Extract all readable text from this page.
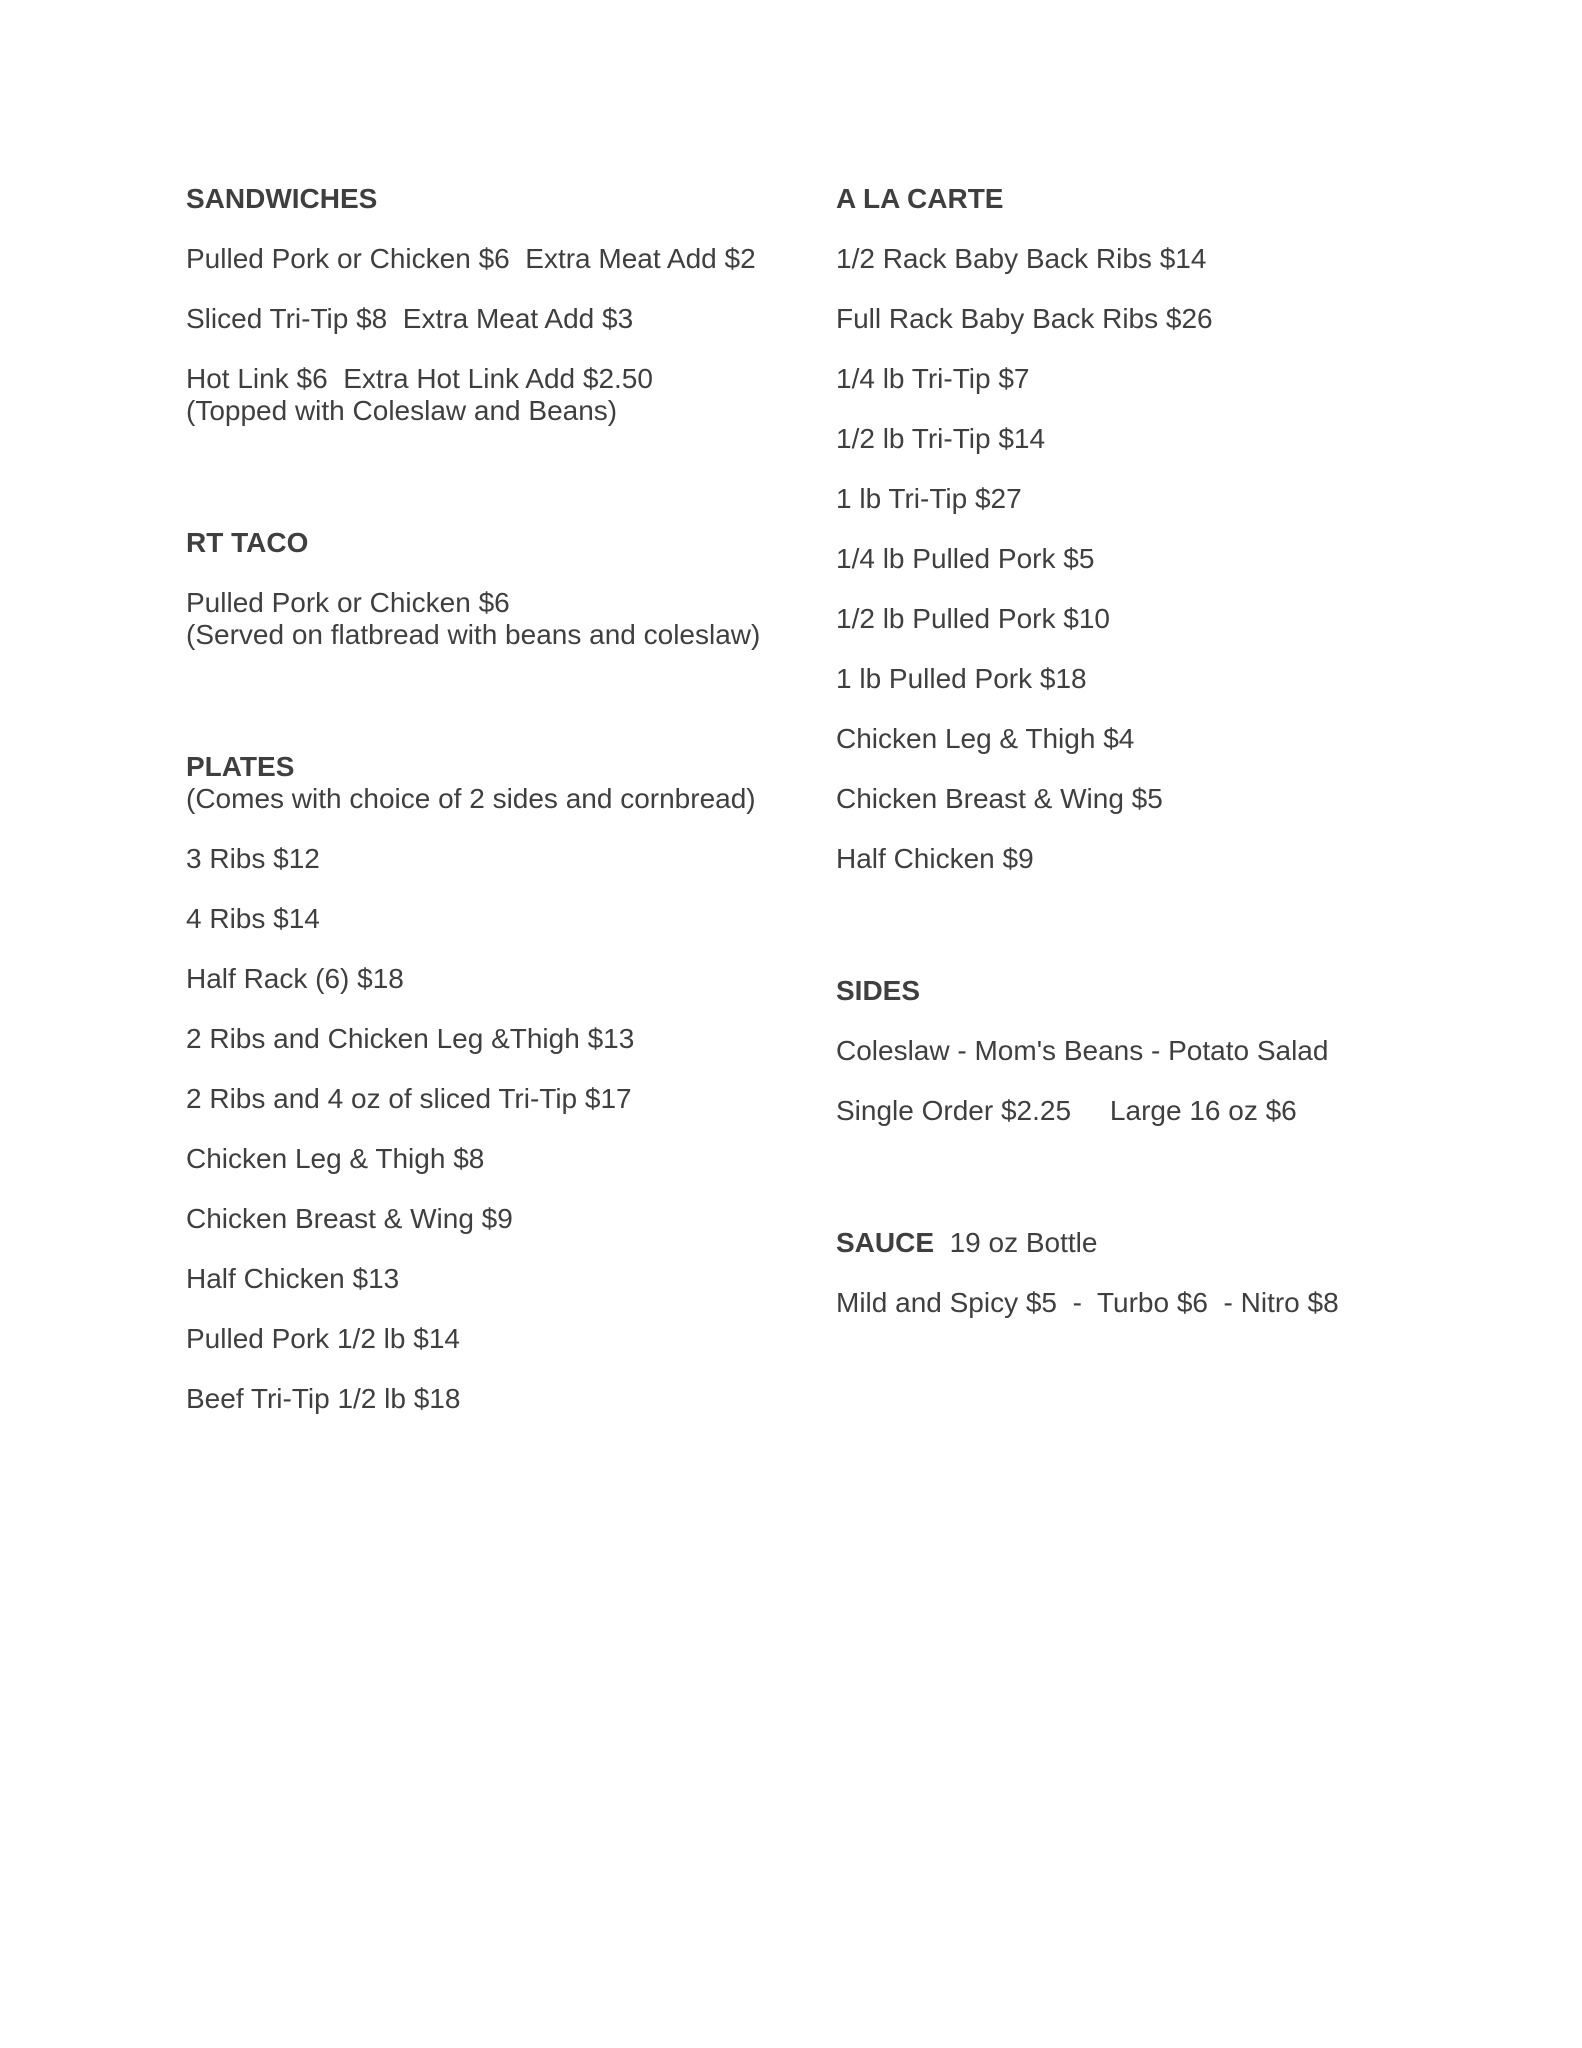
SANDWICHES

Pulled Pork or Chicken $6  Extra Meat Add $2

Sliced Tri-Tip $8  Extra Meat Add $3

Hot Link $6  Extra Hot Link Add $2.50

(Topped with Coleslaw and Beans)

RT TACO

Pulled Pork or Chicken $6

(Served on flatbread with beans and coleslaw)

PLATES

(Comes with choice of 2 sides and cornbread)

3 Ribs $12

4 Ribs $14

Half Rack (6) $18

2 Ribs and Chicken Leg &Thigh $13

2 Ribs and 4 oz of sliced Tri-Tip $17

Chicken Leg & Thigh $8

Chicken Breast & Wing $9

Half Chicken $13

Pulled Pork 1/2 lb $14

Beef Tri-Tip 1/2 lb $18

A LA CARTE

1/2 Rack Baby Back Ribs $14

Full Rack Baby Back Ribs $26

1/4 lb Tri-Tip $7

1/2 lb Tri-Tip $14

1 lb Tri-Tip $27

1/4 lb Pulled Pork $5

1/2 lb Pulled Pork $10

1 lb Pulled Pork $18

Chicken Leg & Thigh $4

Chicken Breast & Wing $5

Half Chicken $9

SIDES

Coleslaw - Mom's Beans - Potato Salad

Single Order $2.25     Large 16 oz $6

SAUCE  19 oz Bottle

Mild and Spicy $5  -  Turbo $6  - Nitro $8
